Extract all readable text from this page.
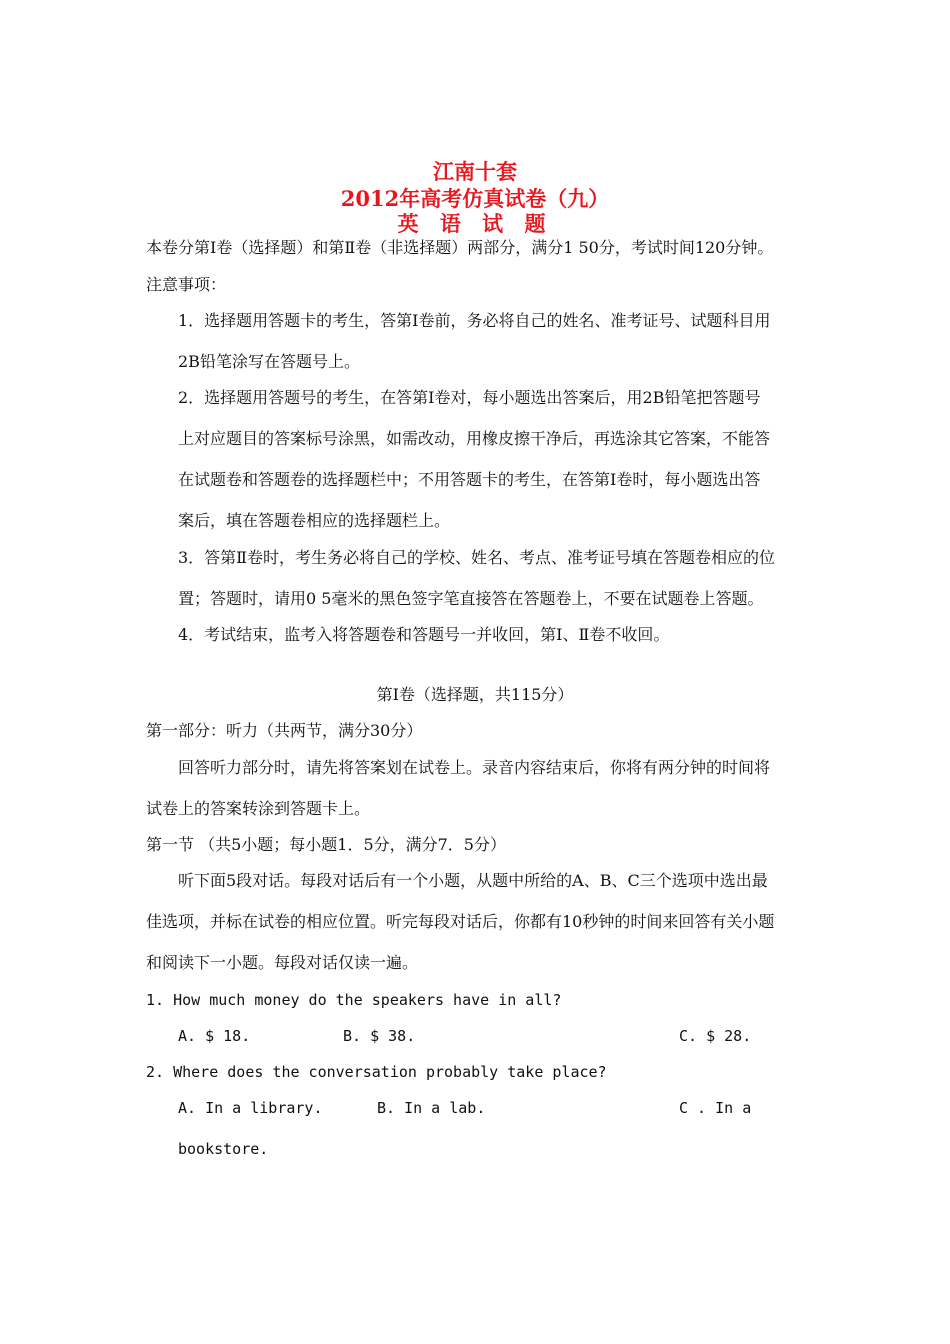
江南十套
2012年高考仿真试卷（九）
英 语 试 题
本卷分第Ⅰ卷（选择题）和第Ⅱ卷（非选择题）两部分，满分1 50分，考试时间120分钟。
注意事项：
1．选择题用答题卡的考生，答第Ⅰ卷前，务必将自己的姓名、准考证号、试题科目用
2B铅笔涂写在答题号上。
2．选择题用答题号的考生，在答第Ⅰ卷对，每小题选出答案后，用2B铅笔把答题号
上对应题目的答案标号涂黑，如需改动，用橡皮擦干净后，再选涂其它答案，不能答
在试题卷和答题卷的选择题栏中；不用答题卡的考生，在答第Ⅰ卷时，每小题选出答
案后，填在答题卷相应的选择题栏上。
3．答第Ⅱ卷时，考生务必将自己的学校、姓名、考点、准考证号填在答题卷相应的位
置；答题时，请用0 5毫米的黑色签字笔直接答在答题卷上，不要在试题卷上答题。
4．考试结束，监考入将答题卷和答题号一并收回，第Ⅰ、Ⅱ卷不收回。
第Ⅰ卷（选择题，共115分）
第一部分：听力（共两节，满分30分）
回答听力部分时，请先将答案划在试卷上。录音内容结束后，你将有两分钟的时间将
试卷上的答案转涂到答题卡上。
第一节 （共5小题；每小题1．5分，满分7．5分）
听下面5段对话。每段对话后有一个小题，从题中所给的A、B、C三个选项中选出最
佳选项，并标在试卷的相应位置。听完每段对话后，你都有10秒钟的时间来回答有关小题
和阅读下一小题。每段对话仅读一遍。
1. How much money do the speakers have in all?
A. $ 18.	B. $ 38.	C. $ 28.
2. Where does the conversation probably take place?
A. In a library.	B. In a lab.	C . In a
bookstore.
